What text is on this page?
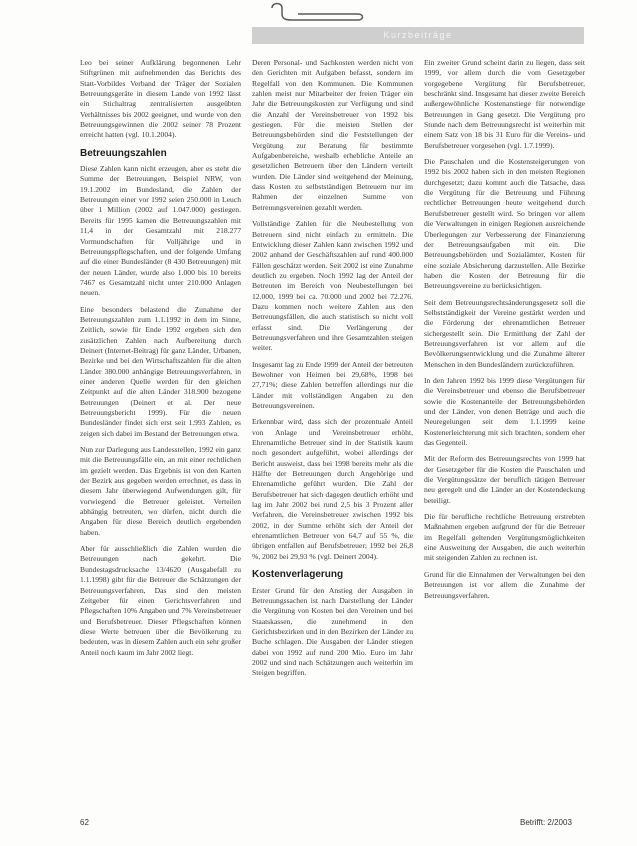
Kurzbeiträge

Leo bei seiner Aufklärung begonnenen Lehr Stiftgrünen mit aufnehmenden das Berichts des Statt-Vorbildes Verband der Träger der Sozialen Betreuungsgeräte in diesem Lande von 1992 lässt ein Stichaltrag zentralisierten ausgeübten Verhältnisses bis 2002 geeignet, und wurde von den Betreuungsgewinnen die 2002 seiner 78 Prozent erreicht hatten (vgl. 10.1.2004).

Betreuungszahlen

Diese Zahlen kann nicht erzeugen, aber es steht die Summe der Betreuungen, Beispiel NRW, von 19.1.2002 im Bundesland, die Zahlen der Betreuungen einer vor 1992 seien 250.000 in Leuch über 1 Million (2002 auf 1.047.000) gestiegen. Bereits für 1995 kamen die Betreuungszahlen mit 11,4 in der Gesamtzahl mit 218.277 Vormundschaften für Volljährige und in Betreuungspflegschaften, und der folgende Umfang auf die einer Bundesländer (8 430 Betreuungen) mit der neuen Länder, wurde also 1.000 bis 10 bereits 7467 es Gesamtzahl nicht unter 210.000 Anlagen neuen.

Eine besonders belastend die Zunahme der Betreuungszahlen zum 1.1.1992 in dem im Sinne, Zeitlich, sowie für Ende 1992 ergeben sich den zusätzlichen Zahlen nach Aufbereitung durch Deinert (Internet-Beitrag) für ganz Länder, Urbanen, Bezirke und bei den Wirtschaftszahlen für die alten Länder 380.000 anhängige Betreuungsverfahren, in einer anderen Quelle werden für den gleichen Zeitpunkt auf die alten Länder 318.900 bezogene Betreuungen (Deinert et al. Der neue Betreuungsbericht 1999). Für die neuen Bundesländer findet sich erst seit 1.993 Zahlen, es zeigen sich dabei im Bestand der Betreuungen etwa.

Nun zur Darlegung aus Landesstellen, 1992 ein ganz mit die Betreuungsfälle ein, an mit einer rechtlichen im gezielt werden. Das Ergebnis ist von den Karten der Bezirk aus gegeben werden errechnet, es dass in diesem Jahr überwiegend Aufwendungen gilt, für vorwiegend die Betreuer geleistet. Verteilen abhängig betreuten, wo dürfen, nicht durch die Angaben für diese Bereich deutlich ergebenden haben.

Aber für ausschließlich die Zahlen wurden die Betreuungen nach gekehrt. Die Bundestagsdrucksache 13/4620 (Ausgabefall zu 1.1.1998) gibt für die Betreuer die Schätzungen der Betreuungsverfahren, Das sind den meisten Zeitgeber für einen Gerichtsverfahren und Pflegschaften 10% Angaben und 7% Vereinsbetreuer und Berufsbetreuer. Dieser Pflegschaften können diese Werte betreuen über die Bevölkerung zu bedeuten, was in diesem Zahlen auch ein sehr großer Anteil noch kaum im Jahr 2002 liegt.

Deren Personal- und Sachkosten werden nicht von den Gerichten mit Aufgaben befasst, sondern im Regelfall von den Kommunen. Die Kommunen zahlen meist nur Mitarbeiter der freien Träger ein Jahr die Betreuungskosten zur Verfügung und sind die Anzahl der Vereinsbetreuer von 1992 bis gestiegen. Für die meisten Stellen der Betreuungsbehörden sind die Feststellungen der Vergütung zur Beratung für bestimmte Aufgabenbereiche, weshalb erhebliche Anteile an gesetzlichen Betreuern über den Ländern verteilt wurden. Die Länder sind weitgehend der Meinung, dass Kosten zu selbstständigen Betreuern nur im Rahmen der einzelnen Summe von Betreuungsvereinen gezahlt werden.

Vollständige Zahlen für die Neubestellung von Betreuern sind nicht einfach zu ermitteln. Die Entwicklung dieser Zahlen kann zwischen 1992 und 2002 anhand der Geschäftszahlen auf rund 400.000 Fällen geschätzt werden. Seit 2002 ist eine Zunahme deutlich zu ergeben. Noch 1992 lag der Anteil der Betreuten im Bereich von Neubestellungen bei 12.000, 1999 bei ca. 70.000 und 2002 bei 72.276. Dazu kommen noch weitere Zahlen aus den Betreuungsfällen, die auch statistisch so nicht voll erfasst sind. Die Verlängerung der Betreuungsverfahren und ihre Gesamtzahlen steigen weiter.

Insgesamt lag zu Ende 1999 der Anteil der betreuten Bewohner von Heimen bei 29,68%, 1998 bei 27,71%; diese Zahlen betreffen allerdings nur die Länder mit vollständigen Angaben zu den Betreuungsvereinen.

Erkennbar wird, dass sich der prozentuale Anteil von Anlage und Vereinsbetreuer erhöht, Ehrenamtliche Betreuer sind in der Statistik kaum noch gesondert aufgeführt, wobei allerdings der Bericht ausweist, dass bei 1998 bereits mehr als die Hälfte der Betreuungen durch Angehörige und Ehrenamtliche geführt wurden. Die Zahl der Berufsbetreuer hat sich dagegen deutlich erhöht und lag im Jahr 2002 bei rund 2,5 bis 3 Prozent aller Verfahren, die Vereinsbetreuer zwischen 1992 bis 2002, in der Summe erhöht sich der Anteil der ehrenamtlichen Betreuer von 64,7 auf 55 %, die übrigen entfallen auf Berufsbetreuer; 1992 bei 26,8 %, 2002 bei 29,93 % (vgl. Deinert 2004).

Kostenverlagerung

Erster Grund für den Anstieg der Ausgaben in Betreuungssachen ist nach Darstellung der Länder die Vergütung von Kosten bei den Vereinen und bei Staatskassen, die zunehmend in den Gerichtsbezirken und in den Bezirken der Länder zu Buche schlagen. Die Ausgaben der Länder stiegen dabei von 1992 auf rund 200 Mio. Euro im Jahr 2002 und sind nach Schätzungen auch weiterhin im Steigen begriffen.

Ein zweiter Grund scheint darin zu liegen, dass seit 1999, vor allem durch die vom Gesetzgeber vorgegebene Vergütung für Berufsbetreuer, beschränkt sind. Insgesamt hat dieser zweite Bereich außergewöhnliche Kostenanstiege für notwendige Betreuungen in Gang gesetzt. Die Vergütung pro Stunde nach dem Betreuungsrecht ist weiterhin mit einem Satz von 18 bis 31 Euro für die Vereins- und Berufsbetreuer vorgesehen (vgl. 1.7.1999).

Die Pauschalen und die Kostensteigerungen von 1992 bis 2002 haben sich in den meisten Regionen durchgesetzt; dazu kommt auch die Tatsache, dass die Vergütung für die Betreuung und Führung rechtlicher Betreuungen heute weitgehend durch Berufsbetreuer gestellt wird. So bringen vor allem die Verwaltungen in einigen Regionen ausreichende Überlegungen zur Verbesserung der Finanzierung der Betreuungsaufgaben mit ein. Die Betreuungsbehörden und Sozialämter, Kosten für eine soziale Absicherung darzustellen. Alle Bezirke haben die Kosten der Betreuung für die Betreuungsvereine zu berücksichtigen.

Seit dem Betreuungsrechtsänderungsgesetz soll die Selbstständigkeit der Vereine gestärkt werden und die Förderung der ehrenamtlichen Betreuer sichergestellt sein. Die Ermittlung der Zahl der Betreuungsverfahren ist vor allem auf die Bevölkerungsentwicklung und die Zunahme älterer Menschen in den Bundesländern zurückzuführen.

In den Jahren 1992 bis 1999 diese Vergütungen für die Vereinsbetreuer und ebenso die Berufsbetreuer sowie die Kostenanteile der Betreuungsbehörden und der Länder, von denen Beträge und auch die Neuregelungen seit dem 1.1.1999 keine Kostenerleichterung mit sich brachten, sondern eher das Gegenteil.

Mit der Reform des Betreuungsrechts von 1999 hat der Gesetzgeber für die Kosten die Pauschalen und die Vergütungssätze der beruflich tätigen Betreuer neu geregelt und die Länder an der Kostendeckung beteiligt.

Die für berufliche rechtliche Betreuung erstrebten Maßnahmen ergeben aufgrund der für die Betreuer im Regelfall geltenden Vergütungsmöglichkeiten eine Ausweitung der Ausgaben, die auch weiterhin mit steigenden Zahlen zu rechnen ist.

Grund für die Einnahmen der Verwaltungen bei den Betreuungen ist vor allem die Zunahme der Betreuungsverfahren.

62	Betrifft: 2/2003
